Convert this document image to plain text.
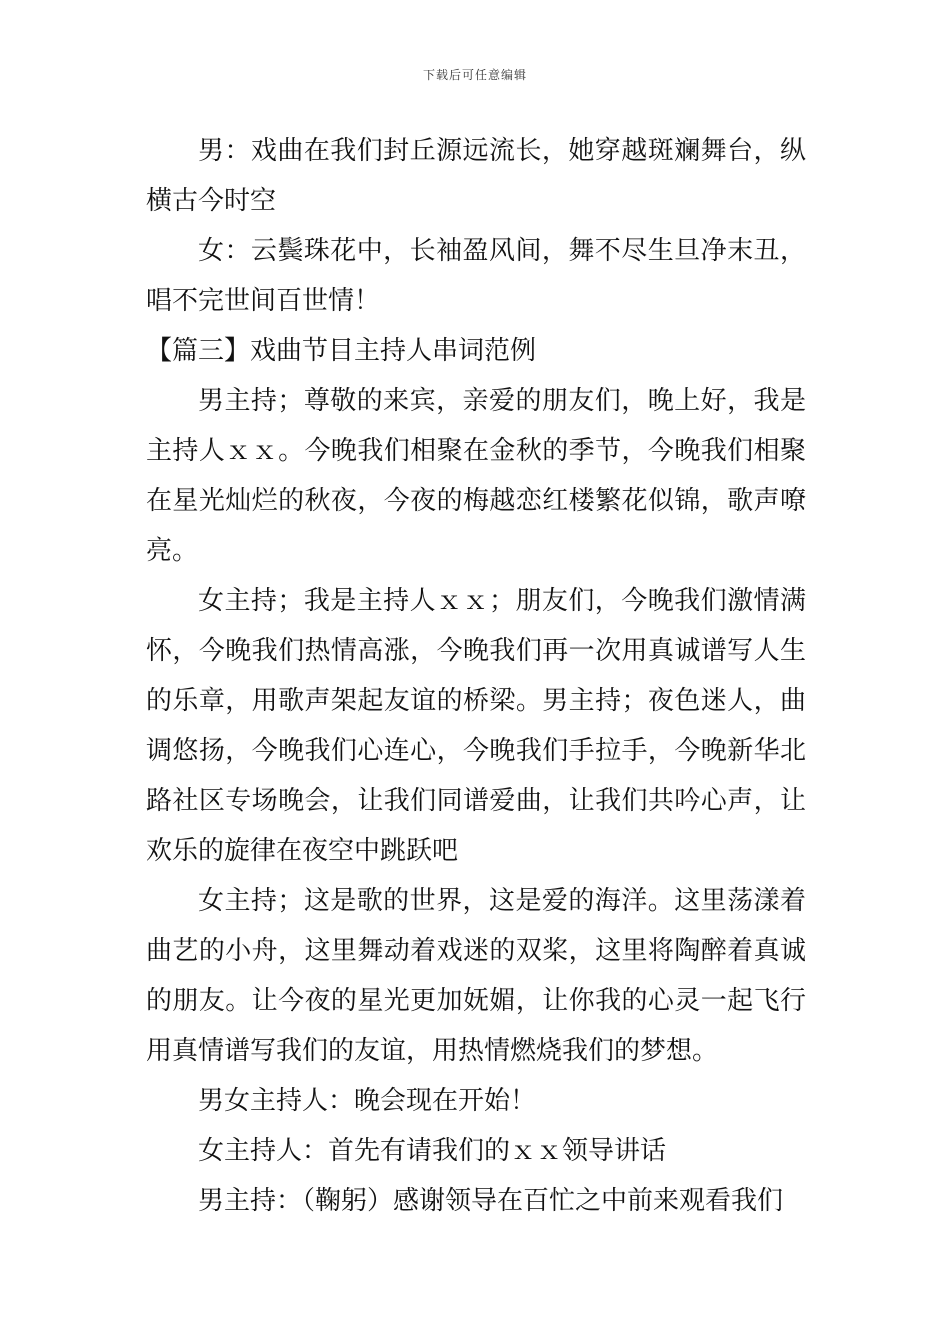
下载后可任意编辑

男：戏曲在我们封丘源远流长，她穿越斑斓舞台，纵横古今时空

女：云鬓珠花中，长袖盈风间，舞不尽生旦净末丑，唱不完世间百世情！

【篇三】戏曲节目主持人串词范例

男主持；尊敬的来宾，亲爱的朋友们，晚上好，我是主持人ｘｘ。今晚我们相聚在金秋的季节，今晚我们相聚在星光灿烂的秋夜，今夜的梅越恋红楼繁花似锦，歌声嘹亮。

女主持；我是主持人ｘｘ；朋友们，今晚我们激情满怀，今晚我们热情高涨，今晚我们再一次用真诚谱写人生的乐章，用歌声架起友谊的桥梁。男主持；夜色迷人，曲调悠扬，今晚我们心连心，今晚我们手拉手，今晚新华北路社区专场晚会，让我们同谱爱曲，让我们共吟心声，让欢乐的旋律在夜空中跳跃吧

女主持；这是歌的世界，这是爱的海洋。这里荡漾着曲艺的小舟，这里舞动着戏迷的双桨，这里将陶醉着真诚的朋友。让今夜的星光更加妩媚，让你我的心灵一起飞行用真情谱写我们的友谊，用热情燃烧我们的梦想。

男女主持人：晚会现在开始！

女主持人：首先有请我们的ｘｘ领导讲话

男主持：（鞠躬）感谢领导在百忙之中前来观看我们
